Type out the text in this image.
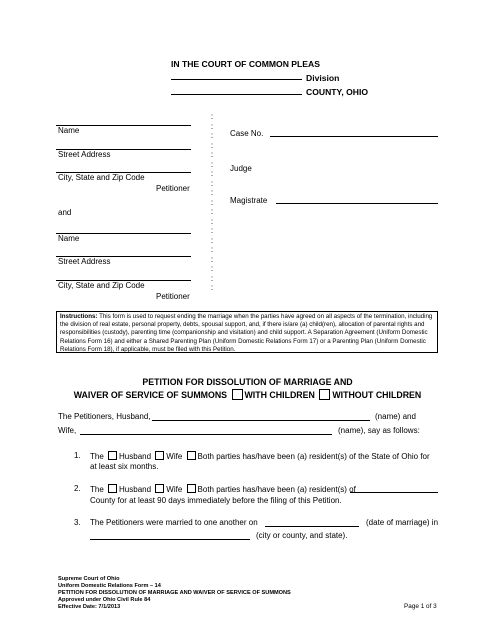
IN THE COURT OF COMMON PLEAS
Division
COUNTY, OHIO
Name
Street Address
City, State and Zip Code
Petitioner
and
Name
Street Address
City, State and Zip Code
Petitioner
:
:
:
:
:
:
:
:
:
:
:
:
:
:
:
:
:
:
:
Case No.
Judge
Magistrate
Instructions: This form is used to request ending the marriage when the parties have agreed on all aspects of the termination, including the division of real estate, personal property, debts, spousal support, and, if there is/are (a) child(ren), allocation of parental rights and responsibilities (custody), parenting time (companionship and visitation) and child support. A Separation Agreement (Uniform Domestic Relations Form 16) and either a Shared Parenting Plan (Uniform Domestic Relations Form 17) or a Parenting Plan (Uniform Domestic Relations Form 18), if applicable, must be filed with this Petition.
PETITION FOR DISSOLUTION OF MARRIAGE AND
WAIVER OF SERVICE OF SUMMONS WITH CHILDREN WITHOUT CHILDREN
The Petitioners, Husband,	(name) and
Wife,	(name), say as follows:
1. The Husband Wife Both parties has/have been (a) resident(s) of the State of Ohio for
at least six months.
2. The Husband Wife Both parties has/have been (a) resident(s) of
County for at least 90 days immediately before the filing of this Petition.
3. The Petitioners were married to one another on	(date of marriage) in
(city or county, and state).
Supreme Court of Ohio
Uniform Domestic Relations Form – 14
PETITION FOR DISSOLUTION OF MARRIAGE AND WAIVER OF SERVICE OF SUMMONS
Approved under Ohio Civil Rule 84
Effective Date: 7/1/2013	Page 1 of 3
